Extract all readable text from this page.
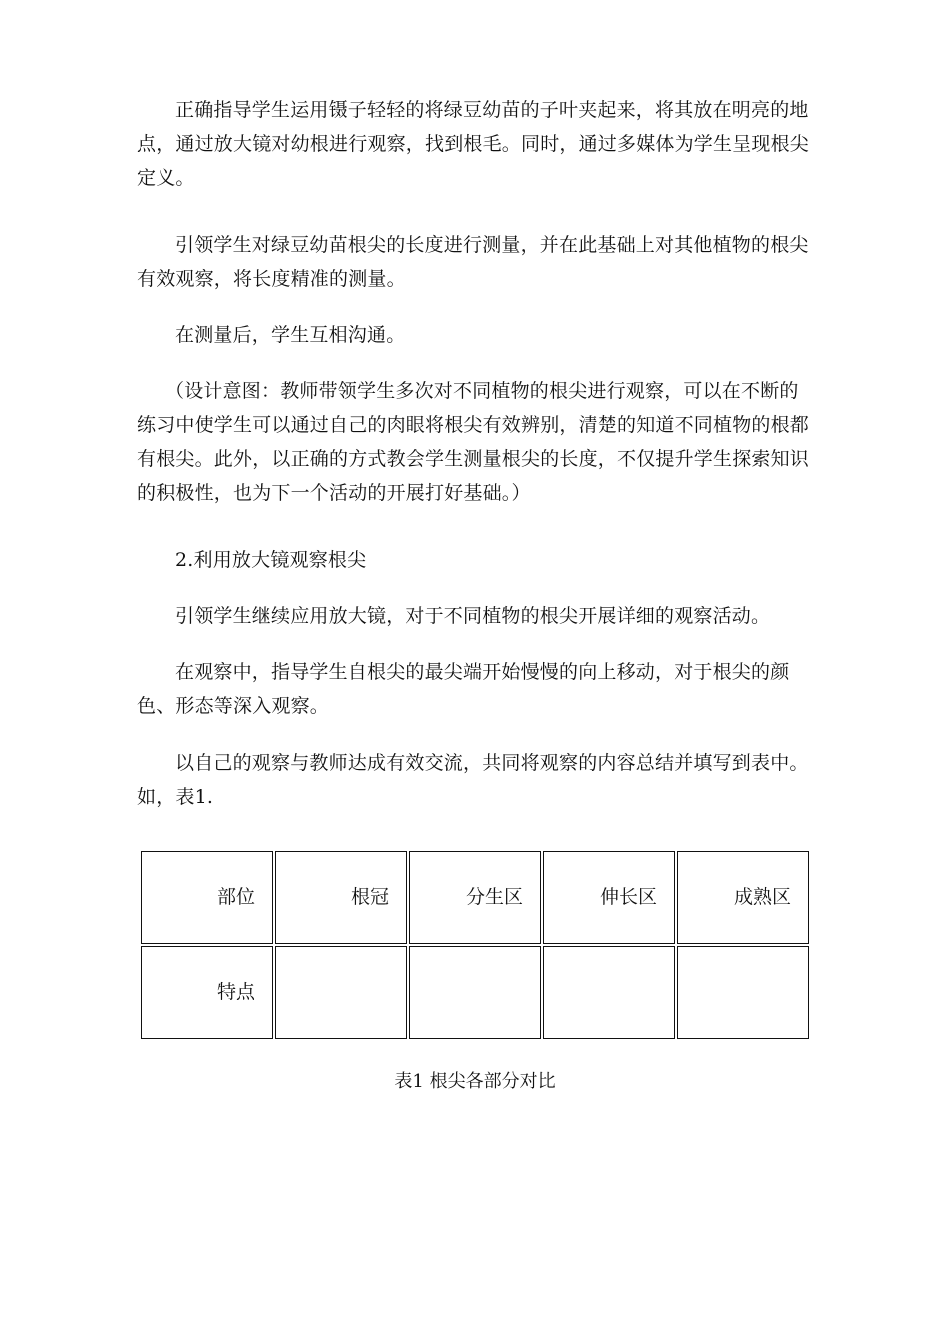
正确指导学生运用镊子轻轻的将绿豆幼苗的子叶夹起来，将其放在明亮的地点，通过放大镜对幼根进行观察，找到根毛。同时，通过多媒体为学生呈现根尖定义。

引领学生对绿豆幼苗根尖的长度进行测量，并在此基础上对其他植物的根尖有效观察，将长度精准的测量。

在测量后，学生互相沟通。

（设计意图：教师带领学生多次对不同植物的根尖进行观察，可以在不断的练习中使学生可以通过自己的肉眼将根尖有效辨别，清楚的知道不同植物的根都有根尖。此外，以正确的方式教会学生测量根尖的长度，不仅提升学生探索知识的积极性，也为下一个活动的开展打好基础。）

2.利用放大镜观察根尖

引领学生继续应用放大镜，对于不同植物的根尖开展详细的观察活动。

在观察中，指导学生自根尖的最尖端开始慢慢的向上移动，对于根尖的颜色、形态等深入观察。

以自己的观察与教师达成有效交流，共同将观察的内容总结并填写到表中。如，表1.

部位	根冠	分生区	伸长区	成熟区
特点				
表1 根尖各部分对比
